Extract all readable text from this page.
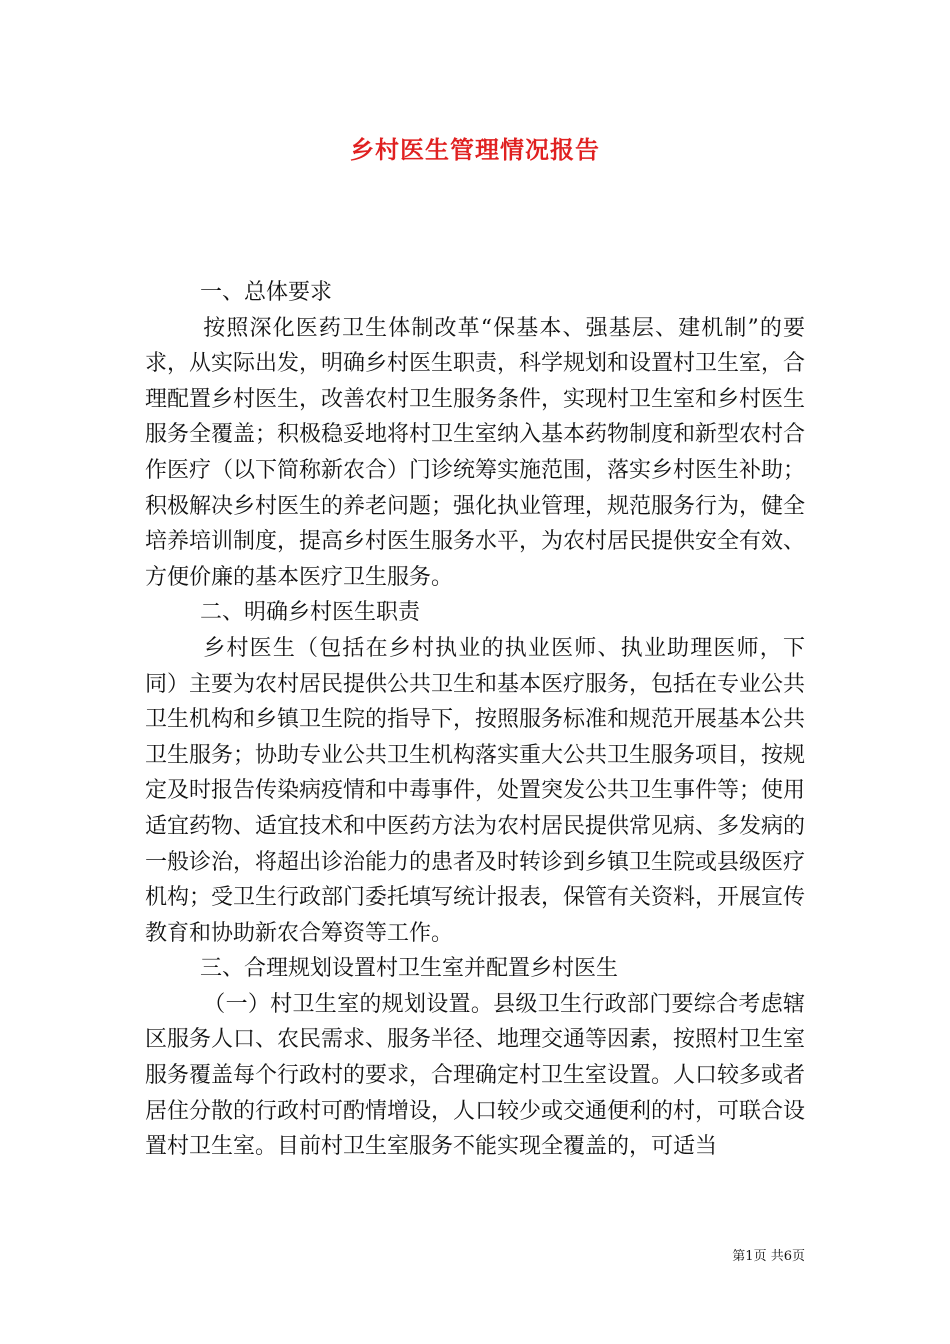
乡村医生管理情况报告

一、总体要求

按照深化医药卫生体制改革“保基本、强基层、建机制”的要求，从实际出发，明确乡村医生职责，科学规划和设置村卫生室，合理配置乡村医生，改善农村卫生服务条件，实现村卫生室和乡村医生服务全覆盖；积极稳妥地将村卫生室纳入基本药物制度和新型农村合作医疗（以下简称新农合）门诊统筹实施范围，落实乡村医生补助；积极解决乡村医生的养老问题；强化执业管理，规范服务行为，健全培养培训制度，提高乡村医生服务水平，为农村居民提供安全有效、方便价廉的基本医疗卫生服务。

二、明确乡村医生职责

乡村医生（包括在乡村执业的执业医师、执业助理医师，下同）主要为农村居民提供公共卫生和基本医疗服务，包括在专业公共卫生机构和乡镇卫生院的指导下，按照服务标准和规范开展基本公共卫生服务；协助专业公共卫生机构落实重大公共卫生服务项目，按规定及时报告传染病疫情和中毒事件，处置突发公共卫生事件等；使用适宜药物、适宜技术和中医药方法为农村居民提供常见病、多发病的一般诊治，将超出诊治能力的患者及时转诊到乡镇卫生院或县级医疗机构；受卫生行政部门委托填写统计报表，保管有关资料，开展宣传教育和协助新农合筹资等工作。

三、合理规划设置村卫生室并配置乡村医生

（一）村卫生室的规划设置。县级卫生行政部门要综合考虑辖区服务人口、农民需求、服务半径、地理交通等因素，按照村卫生室服务覆盖每个行政村的要求，合理确定村卫生室设置。人口较多或者居住分散的行政村可酌情增设，人口较少或交通便利的村，可联合设置村卫生室。目前村卫生室服务不能实现全覆盖的，可适当

第1页 共6页
